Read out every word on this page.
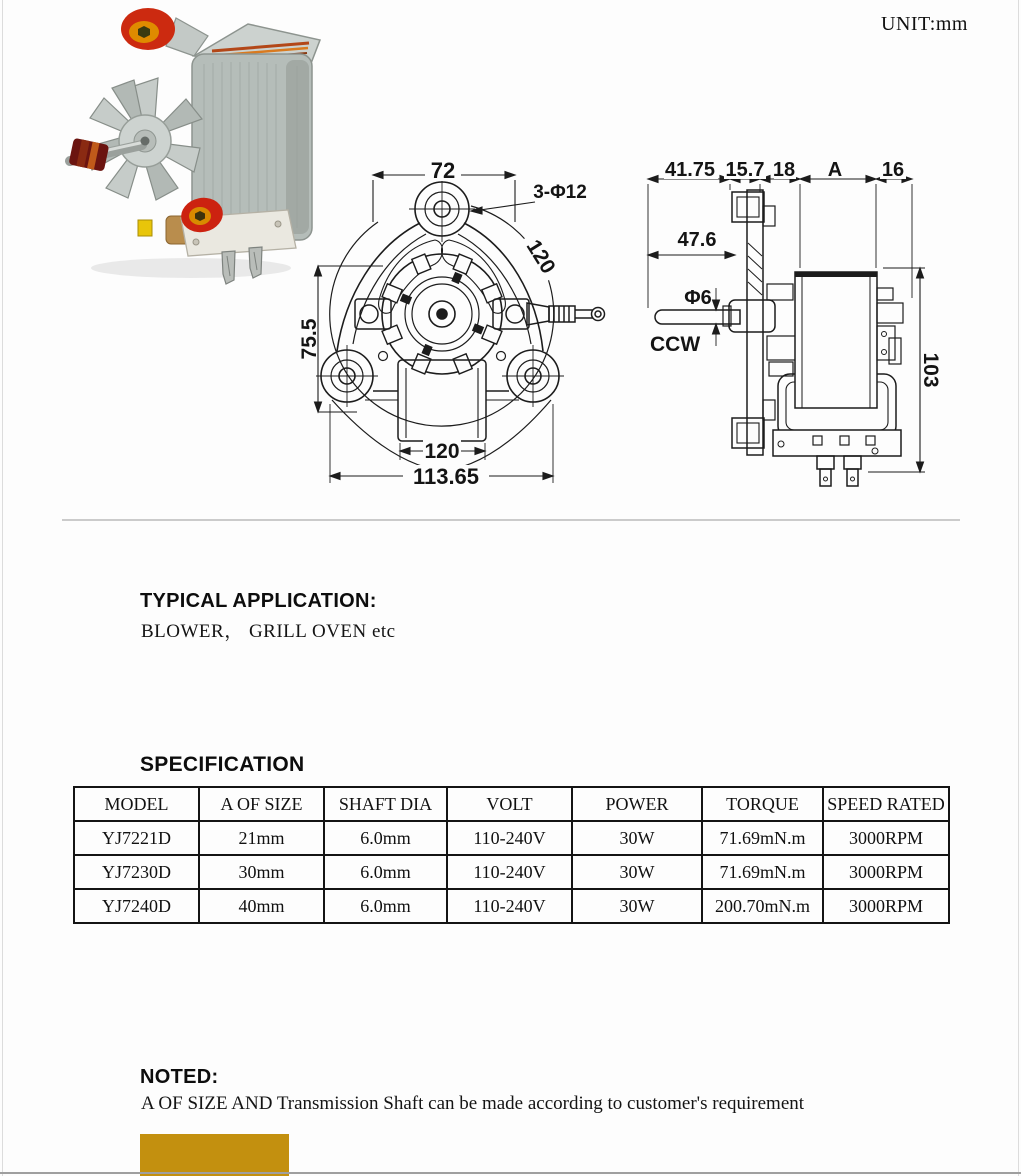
UNIT:mm
72
3-Φ12
120
75.5
120
113.65
41.75 15.7 18 A 16
47.6
Φ6
CCW
103
TYPICAL APPLICATION:
BLOWER， GRILL OVEN etc
SPECIFICATION
MODEL	A OF SIZE	SHAFT DIA	VOLT	POWER	TORQUE	SPEED RATED
YJ7221D	21mm	6.0mm	110-240V	30W	71.69mN.m	3000RPM
YJ7230D	30mm	6.0mm	110-240V	30W	71.69mN.m	3000RPM
YJ7240D	40mm	6.0mm	110-240V	30W	200.70mN.m	3000RPM
NOTED:
A OF SIZE AND Transmission Shaft can be made according to customer's requirement
